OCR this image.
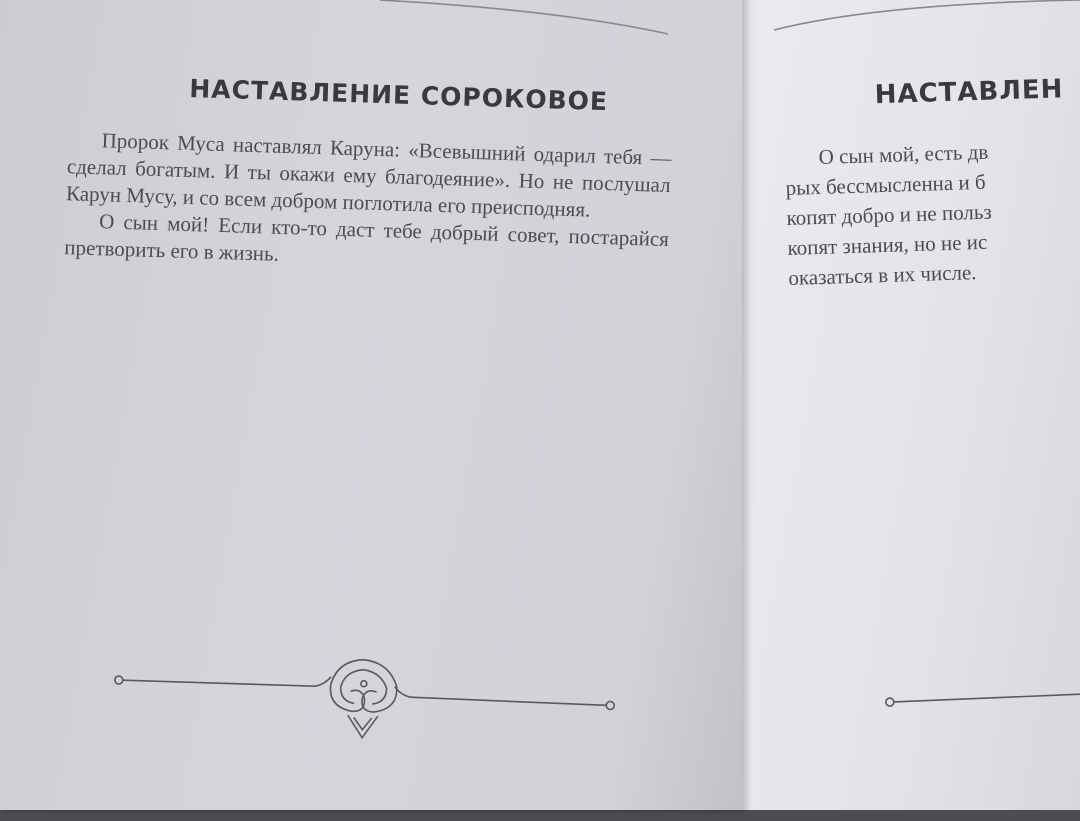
НАСТАВЛЕНИЕ СОРОКОВОЕ

Пророк Муса наставлял Каруна: «Всевышний одарил тебя — сделал богатым. И ты окажи ему благодеяние». Но не послушал Карун Мусу, и со всем добром поглотила его преисподняя.

О сын мой! Если кто-то даст тебе добрый совет, постарайся претворить его в жизнь.

НАСТАВЛЕН
О сын мой, есть дв
рых бессмысленна и б
копят добро и не польз
копят знания, но не ис
оказаться в их числе.
